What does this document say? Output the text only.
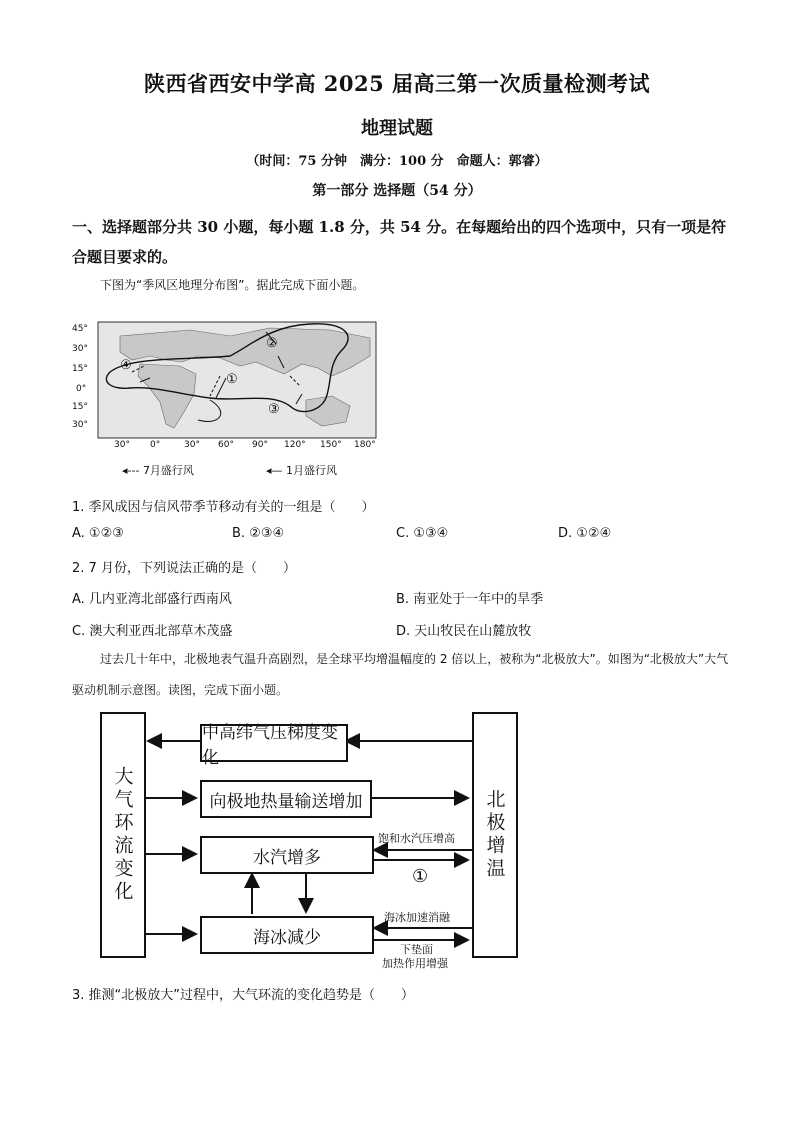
陕西省西安中学高 2025 届高三第一次质量检测考试
地理试题
（时间：75 分钟　满分：100 分　命题人：郭睿）
第一部分 选择题（54 分）
一、选择题部分共 30 小题，每小题 1.8 分，共 54 分。在每题给出的四个选项中，只有一项是符合题目要求的。
下图为“季风区地理分布图”。据此完成下面小题。
45°
30°
15°
0°
15°
30°
30° 0°	30° 60° 90° 120° 150° 180°
①
②
③
④
◂--- 7月盛行风	◂— 1月盛行风
1. 季风成因与信风带季节移动有关的一组是（　　）
A. ①②③	B. ②③④	C. ①③④	D. ①②④
2. 7 月份，下列说法正确的是（　　）
A. 几内亚湾北部盛行西南风	B. 南亚处于一年中的旱季
C. 澳大利亚西北部草木茂盛	D. 天山牧民在山麓放牧
过去几十年中，北极地表气温升高剧烈，是全球平均增温幅度的 2 倍以上，被称为“北极放大”。如图为“北极放大”大气驱动机制示意图。读图，完成下面小题。
大气环流变化	北极增温
中高纬气压梯度变化
向极地热量输送增加
水汽增多
海冰减少
饱和水汽压增高
①
海冰加速消融
下垫面
加热作用增强
3. 推测“北极放大”过程中，大气环流的变化趋势是（　　）
